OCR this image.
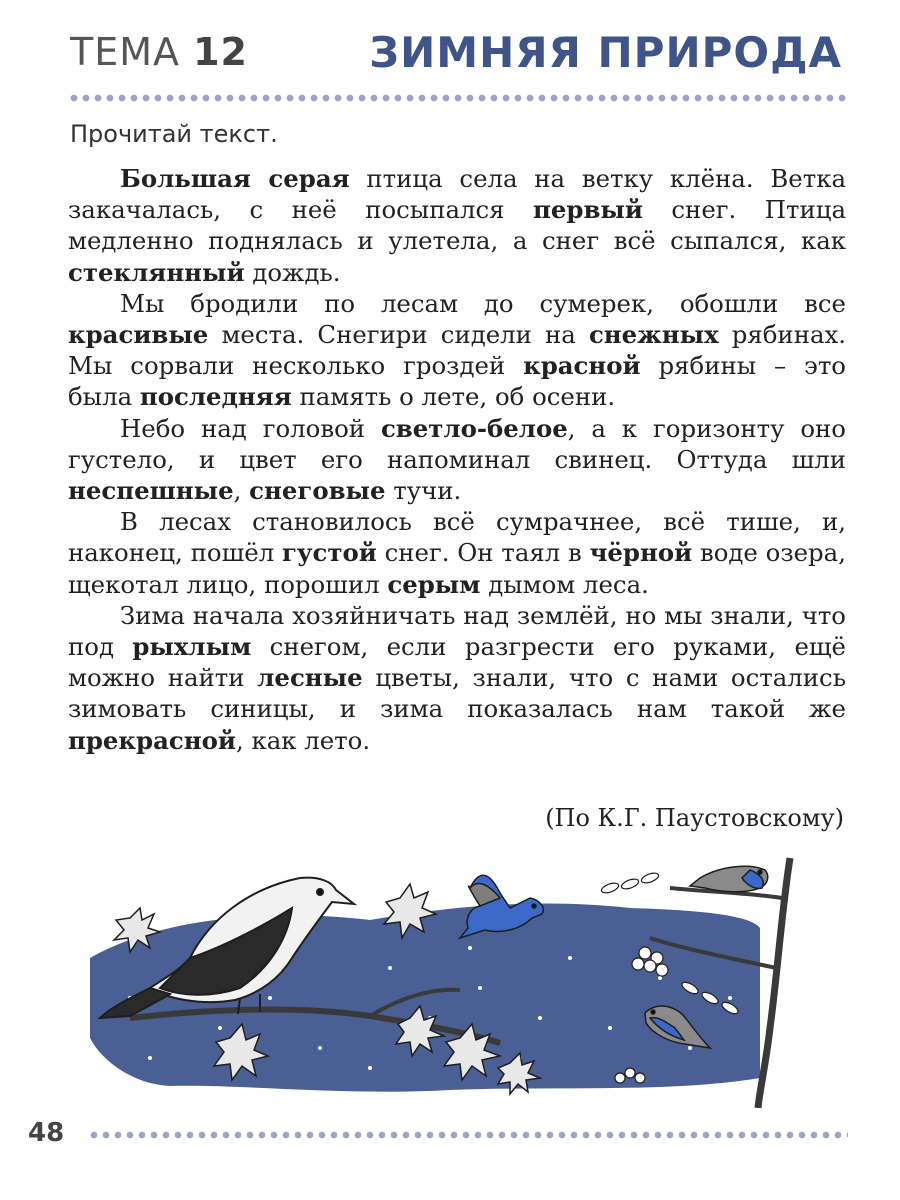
ТЕМА 12	ЗИМНЯЯ ПРИРОДА
Прочитай текст.

Большая серая птица села на ветку клёна. Ветка закачалась, с неё посыпался первый снег. Птица медленно поднялась и улетела, а снег всё сыпался, как стеклянный дождь.

Мы бродили по лесам до сумерек, обошли все красивые места. Снегири сидели на снежных рябинах. Мы сорвали несколько гроздей красной рябины – это была последняя память о лете, об осени.

Небо над головой светло-белое, а к горизонту оно густело, и цвет его напоминал свинец. Оттуда шли неспешные, снеговые тучи.

В лесах становилось всё сумрачнее, всё тише, и, наконец, пошёл густой снег. Он таял в чёрной воде озера, щекотал лицо, порошил серым дымом леса.

Зима начала хозяйничать над землёй, но мы знали, что под рыхлым снегом, если разгрести его руками, ещё можно найти лесные цветы, знали, что с нами остались зимовать синицы, и зима показалась нам такой же прекрасной, как лето.

(По К.Г. Паустовскому)
48
